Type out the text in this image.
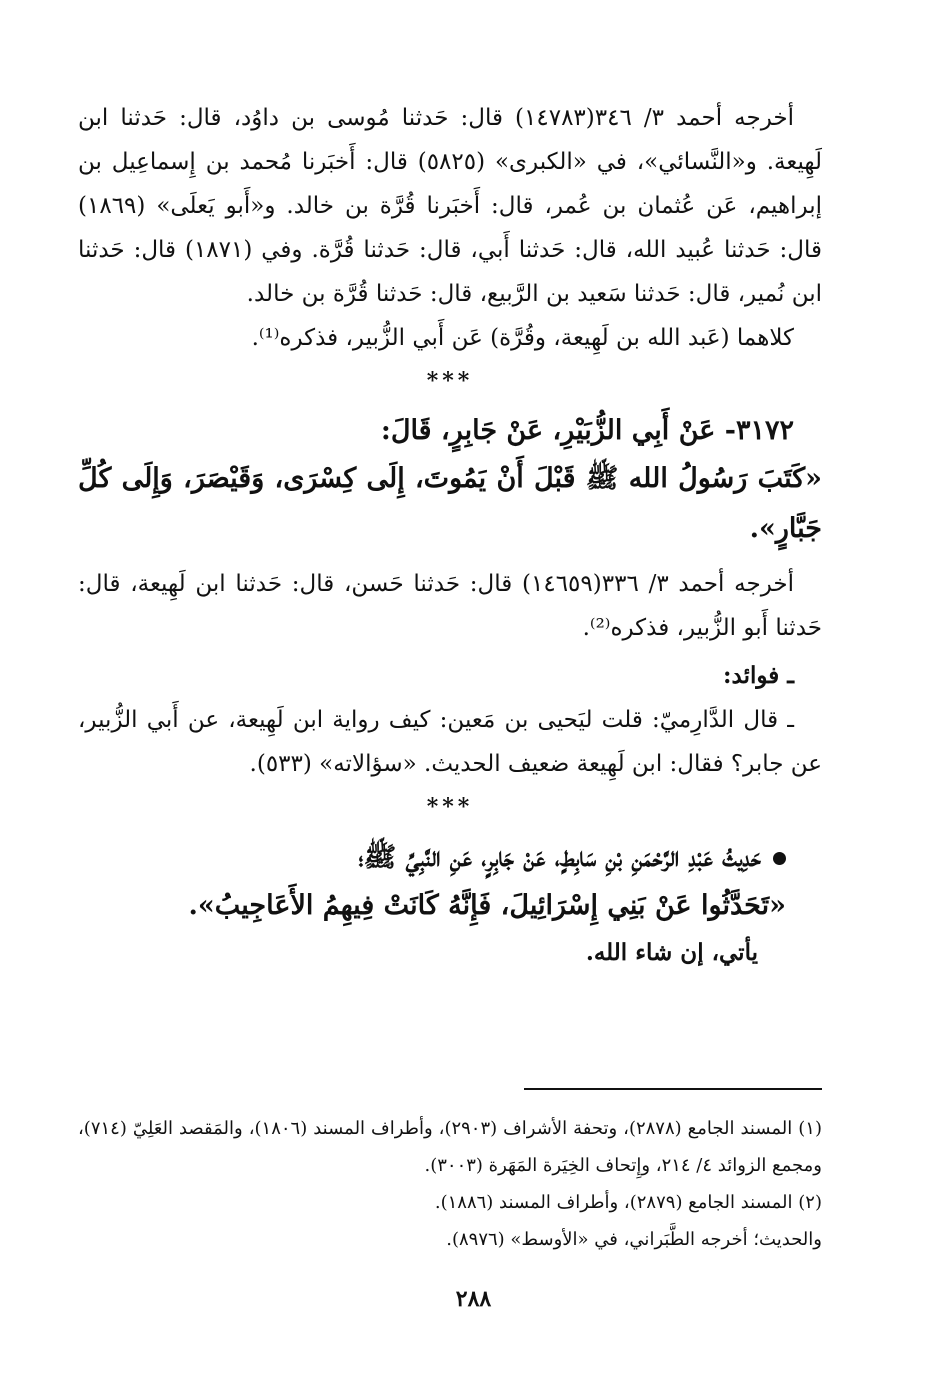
أخرجه أحمد ٣/ ٣٤٦(١٤٧٨٣) قال: حَدثنا مُوسى بن داوُد، قال: حَدثنا ابن لَهِيعة. و«النَّسائي»، في «الكبرى» (٥٨٢٥) قال: أَخبَرنا مُحمد بن إِسماعِيل بن إبراهيم، عَن عُثمان بن عُمر، قال: أَخبَرنا قُرَّة بن خالد. و«أَبو يَعلَى» (١٨٦٩) قال: حَدثنا عُبيد الله، قال: حَدثنا أَبي، قال: حَدثنا قُرَّة. وفي (١٨٧١) قال: حَدثنا ابن نُمير، قال: حَدثنا سَعيد بن الرَّبيع، قال: حَدثنا قُرَّة بن خالد.

كلاهما (عَبد الله بن لَهِيعة، وقُرَّة) عَن أَبي الزُّبير، فذكره⁽¹⁾.

***

٣١٧٢- عَنْ أَبِي الزُّبَيْرِ، عَنْ جَابِرٍ، قَالَ:

«كَتَبَ رَسُولُ الله ﷺ قَبْلَ أَنْ يَمُوتَ، إِلَى كِسْرَى، وَقَيْصَرَ، وَإِلَى كُلِّ جَبَّارٍ».

أخرجه أحمد ٣/ ٣٣٦(١٤٦٥٩) قال: حَدثنا حَسن، قال: حَدثنا ابن لَهِيعة، قال: حَدثنا أَبو الزُّبير، فذكره⁽²⁾.

ـ فوائد:

ـ قال الدَّارِميّ: قلت ليَحيى بن مَعين: كيف رواية ابن لَهِيعة، عن أَبي الزُّبير، عن جابر؟ فقال: ابن لَهِيعة ضعيف الحديث. «سؤالاته» (٥٣٣).

***

حَدِيثُ عَبْدِ الرَّحْمَنِ بْنِ سَابِطٍ، عَنْ جَابِرٍ، عَنِ النَّبِيِّ ﷺ؛

«تَحَدَّثُوا عَنْ بَنِي إِسْرَائِيلَ، فَإِنَّهُ كَانَتْ فِيهِمُ الأَعَاجِيبُ».

يأتي، إن شاء الله.

(١) المسند الجامع (٢٨٧٨)، وتحفة الأشراف (٢٩٠٣)، وأطراف المسند (١٨٠٦)، والمَقصد العَلِيّ (٧١٤)، ومجمع الزوائد ٤/ ٢١٤، وإِتحاف الخِيَرة المَهَرة (٣٠٠٣).

(٢) المسند الجامع (٢٨٧٩)، وأطراف المسند (١٨٨٦).

والحديث؛ أخرجه الطَّبَراني، في «الأوسط» (٨٩٧٦).

٢٨٨
